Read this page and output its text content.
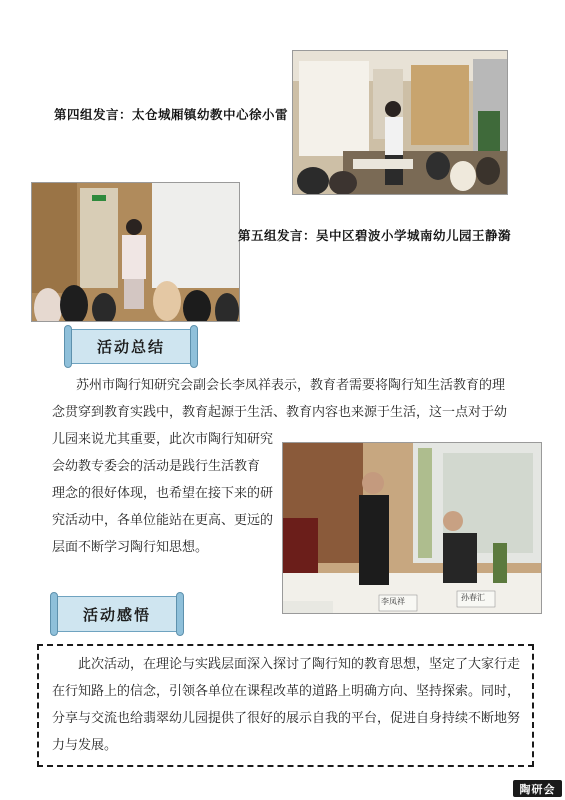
第四组发言：太仓城厢镇幼教中心徐小雷
第五组发言：吴中区碧波小学城南幼儿园王静漪
活动总结
苏州市陶行知研究会副会长李凤祥表示，教育者需要将陶行知生活教育的理
念贯穿到教育实践中，教育起源于生活、教育内容也来源于生活，这一点对于幼
儿园来说尤其重要，此次市陶行知研究
会幼教专委会的活动是践行生活教育
理念的很好体现，也希望在接下来的研
究活动中，各单位能站在更高、更远的
层面不断学习陶行知思想。
李凤祥	孙春汇
活动感悟
此次活动，在理论与实践层面深入探讨了陶行知的教育思想，坚定了大家行走
在行知路上的信念，引领各单位在课程改革的道路上明确方向、坚持探索。同时，
分享与交流也给翡翠幼儿园提供了很好的展示自我的平台，促进自身持续不断地努
力与发展。
陶研会
